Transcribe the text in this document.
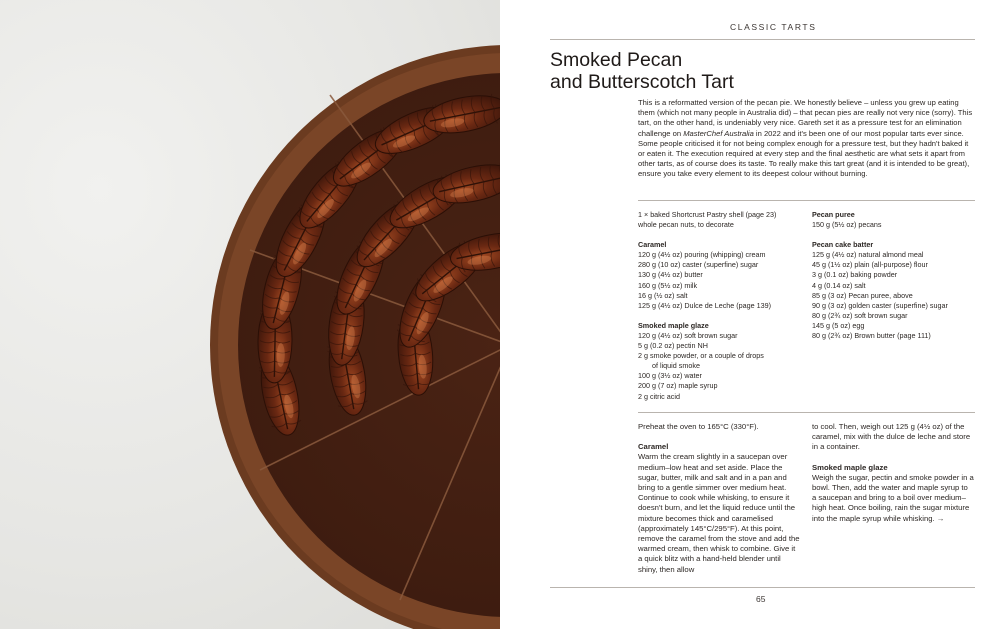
CLASSIC TARTS
Smoked Pecan
and Butterscotch Tart

This is a reformatted version of the pecan pie. We honestly believe – unless you grew up eating them (which not many people in Australia did) – that pecan pies are really not very nice (sorry). This tart, on the other hand, is undeniably very nice. Gareth set it as a pressure test for an elimination challenge on MasterChef Australia in 2022 and it's been one of our most popular tarts ever since. Some people criticised it for not being complex enough for a pressure test, but they hadn't baked it or eaten it. The execution required at every step and the final aesthetic are what sets it apart from other tarts, as of course does its taste. To really make this tart great (and it is intended to be great), ensure you take every element to its deepest colour without burning.

1 × baked Shortcrust Pastry shell (page 23)
whole pecan nuts, to decorate
Caramel
120 g (4½ oz) pouring (whipping) cream
280 g (10 oz) caster (superfine) sugar
130 g (4½ oz) butter
160 g (5½ oz) milk
16 g (½ oz) salt
125 g (4½ oz) Dulce de Leche (page 139)
Smoked maple glaze
120 g (4½ oz) soft brown sugar
5 g (0.2 oz) pectin NH
2 g smoke powder, or a couple of drops
of liquid smoke
100 g (3½ oz) water
200 g (7 oz) maple syrup
2 g citric acid
Pecan puree
150 g (5½ oz) pecans
Pecan cake batter
125 g (4½ oz) natural almond meal
45 g (1½ oz) plain (all-purpose) flour
3 g (0.1 oz) baking powder
4 g (0.14 oz) salt
85 g (3 oz) Pecan puree, above
90 g (3 oz) golden caster (superfine) sugar
80 g (2¾ oz) soft brown sugar
145 g (5 oz) egg
80 g (2¾ oz) Brown butter (page 111)

Preheat the oven to 165°C (330°F).

Caramel

Warm the cream slightly in a saucepan over medium–low heat and set aside. Place the sugar, butter, milk and salt and in a pan and bring to a gentle simmer over medium heat. Continue to cook while whisking, to ensure it doesn't burn, and let the liquid reduce until the mixture becomes thick and caramelised (approximately 145°C/295°F). At this point, remove the caramel from the stove and add the warmed cream, then whisk to combine. Give it a quick blitz with a hand-held blender until shiny, then allow

to cool. Then, weigh out 125 g (4½ oz) of the caramel, mix with the dulce de leche and store in a container.

Smoked maple glaze

Weigh the sugar, pectin and smoke powder in a bowl. Then, add the water and maple syrup to a saucepan and bring to a boil over medium–high heat. Once boiling, rain the sugar mixture into the maple syrup while whisking. →

65
